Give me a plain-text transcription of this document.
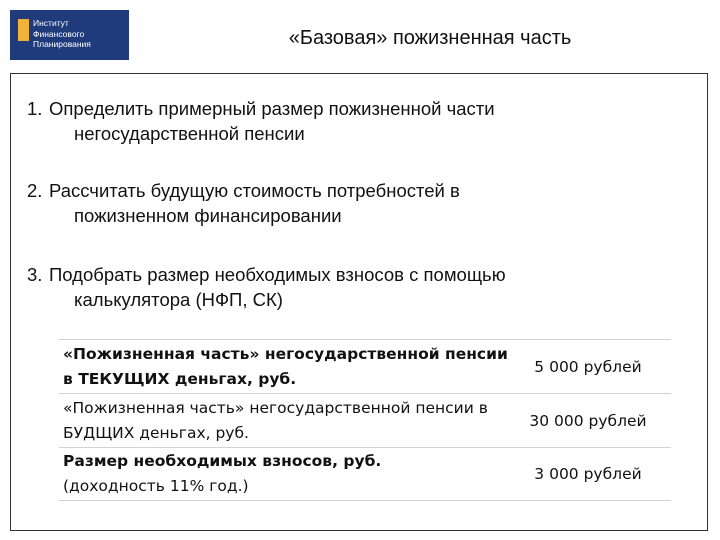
Институт
Финансового
Планирования	«Базовая» пожизненная часть
1. Определить примерный размер пожизненной части
негосударственной пенсии
2. Рассчитать будущую стоимость потребностей в
пожизненном финансировании
3. Подобрать размер необходимых взносов с помощью
калькулятора (НФП, СК)
«Пожизненная часть» негосударственной пенсии
в ТЕКУЩИХ деньгах, руб.
5 000 рублей
«Пожизненная часть» негосударственной пенсии в
БУДЩИХ деньгах, руб.
30 000 рублей
Размер необходимых взносов, руб.
(доходность 11% год.)
3 000 рублей
